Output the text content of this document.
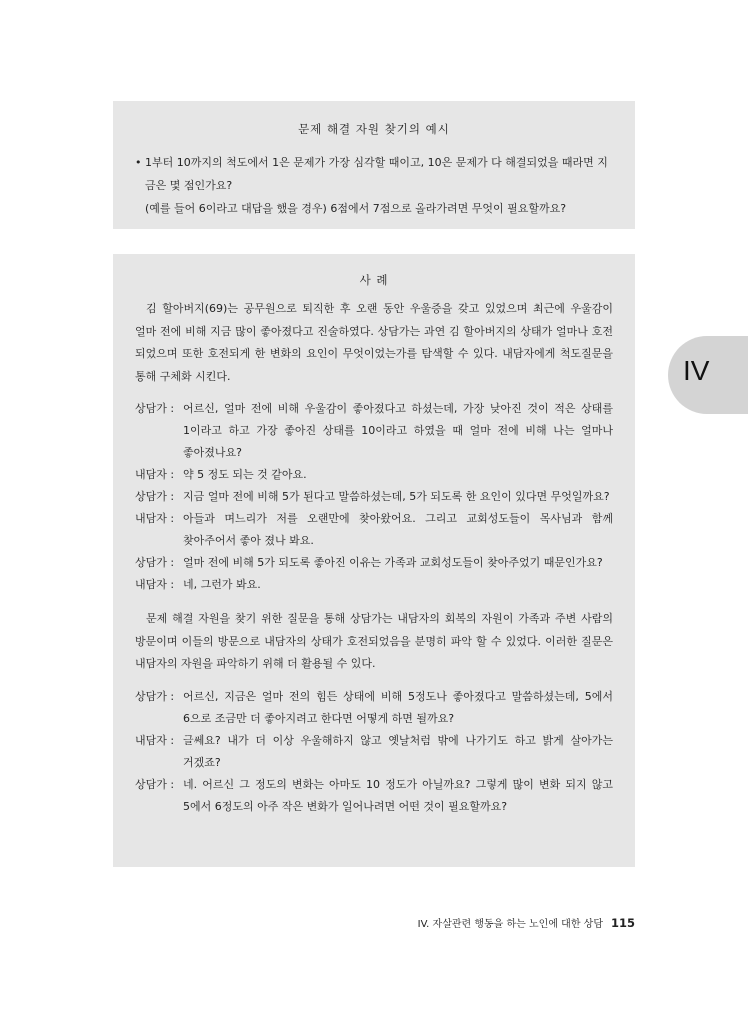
문제 해결 자원 찾기의 예시

• 1부터 10까지의 척도에서 1은 문제가 가장 심각할 때이고, 10은 문제가 다 해결되었을 때라면 지금은 몇 점인가요?

(예를 들어 6이라고 대답을 했을 경우) 6점에서 7점으로 올라가려면 무엇이 필요할까요?

사 례

김 할아버지(69)는 공무원으로 퇴직한 후 오랜 동안 우울증을 갖고 있었으며 최근에 우울감이 얼마 전에 비해 지금 많이 좋아졌다고 진술하였다. 상담가는 과연 김 할아버지의 상태가 얼마나 호전 되었으며 또한 호전되게 한 변화의 요인이 무엇이었는가를 탐색할 수 있다. 내담자에게 척도질문을 통해 구체화 시킨다.

상담가 : 어르신, 얼마 전에 비해 우울감이 좋아졌다고 하셨는데, 가장 낮아진 것이 적은 상태를 1이라고 하고 가장 좋아진 상태를 10이라고 하였을 때 얼마 전에 비해 나는 얼마나 좋아졌나요?
내담자 : 약 5 정도 되는 것 같아요.
상담가 : 지금 얼마 전에 비해 5가 된다고 말씀하셨는데, 5가 되도록 한 요인이 있다면 무엇일까요?
내담자 : 아들과 며느리가 저를 오랜만에 찾아왔어요. 그리고 교회성도들이 목사님과 함께 찾아주어서 좋아 졌나 봐요.
상담가 : 얼마 전에 비해 5가 되도록 좋아진 이유는 가족과 교회성도들이 찾아주었기 때문인가요?
내담자 : 네, 그런가 봐요.

문제 해결 자원을 찾기 위한 질문을 통해 상담가는 내담자의 회복의 자원이 가족과 주변 사람의 방문이며 이들의 방문으로 내담자의 상태가 호전되었음을 분명히 파악 할 수 있었다. 이러한 질문은 내담자의 자원을 파악하기 위해 더 활용될 수 있다.

상담가 : 어르신, 지금은 얼마 전의 힘든 상태에 비해 5정도나 좋아졌다고 말씀하셨는데, 5에서 6으로 조금만 더 좋아지려고 한다면 어떻게 하면 될까요?
내담자 : 글쎄요? 내가 더 이상 우울해하지 않고 옛날처럼 밖에 나가기도 하고 밝게 살아가는 거겠죠?
상담가 : 네. 어르신 그 정도의 변화는 아마도 10 정도가 아닐까요? 그렇게 많이 변화 되지 않고 5에서 6정도의 아주 작은 변화가 일어나려면 어떤 것이 필요할까요?
IV
IV. 자살관련 행동을 하는 노인에 대한 상담 115
